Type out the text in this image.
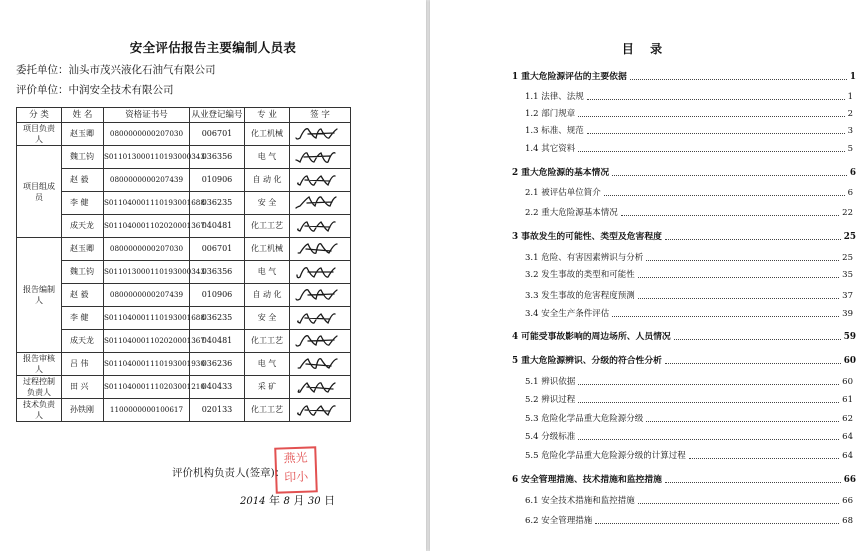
安全评估报告主要编制人员表
委托单位：汕头市茂兴液化石油气有限公司
评价单位：中润安全技术有限公司
分 类	姓 名	资格证书号	从业登记编号	专 业	签 字
项目负责人	赵玉卿	0800000000207030	006701	化工机械	

项目组成员	魏工钧	S011013000110193000343	036356	电 气	

	赵 毅	0800000000207439	010906	自 动 化	

	李 健	S011040001110193001688	036235	安 全	

	成天龙	S011040001102020001367	040481	化工工艺	

报告编制人	赵玉卿	0800000000207030	006701	化工机械	

	魏工钧	S011013000110193000343	036356	电 气	

	赵 毅	0800000000207439	010906	自 动 化	

	李 健	S011040001110193001688	036235	安 全	

	成天龙	S011040001102020001367	040481	化工工艺	

报告审核人	吕 伟	S011040001110193001930	036236	电 气	

过程控制负责人	田 兴	S011040001110203001210	040433	采 矿	

技术负责人	孙铁刚	1100000000100617	020133	化工工艺	
燕光印小
评价机构负责人(签章)：
2014 年 8 月 30 日
目 录
1 重大危险源评估的主要依据	1
1.1 法律、法规	1
1.2 部门规章	2
1.3 标准、规范	3
1.4 其它资料	5
2 重大危险源的基本情况	6
2.1 被评估单位简介	6
2.2 重大危险源基本情况	22
3 事故发生的可能性、类型及危害程度	25
3.1 危险、有害因素辨识与分析	25
3.2 发生事故的类型和可能性	35
3.3 发生事故的危害程度预测	37
3.4 安全生产条件评估	39
4 可能受事故影响的周边场所、人员情况	59
5 重大危险源辨识、分级的符合性分析	60
5.1 辨识依据	60
5.2 辨识过程	61
5.3 危险化学品重大危险源分级	62
5.4 分级标准	64
5.5 危险化学品重大危险源分级的计算过程	64
6 安全管理措施、技术措施和监控措施	66
6.1 安全技术措施和监控措施	66
6.2 安全管理措施	68
